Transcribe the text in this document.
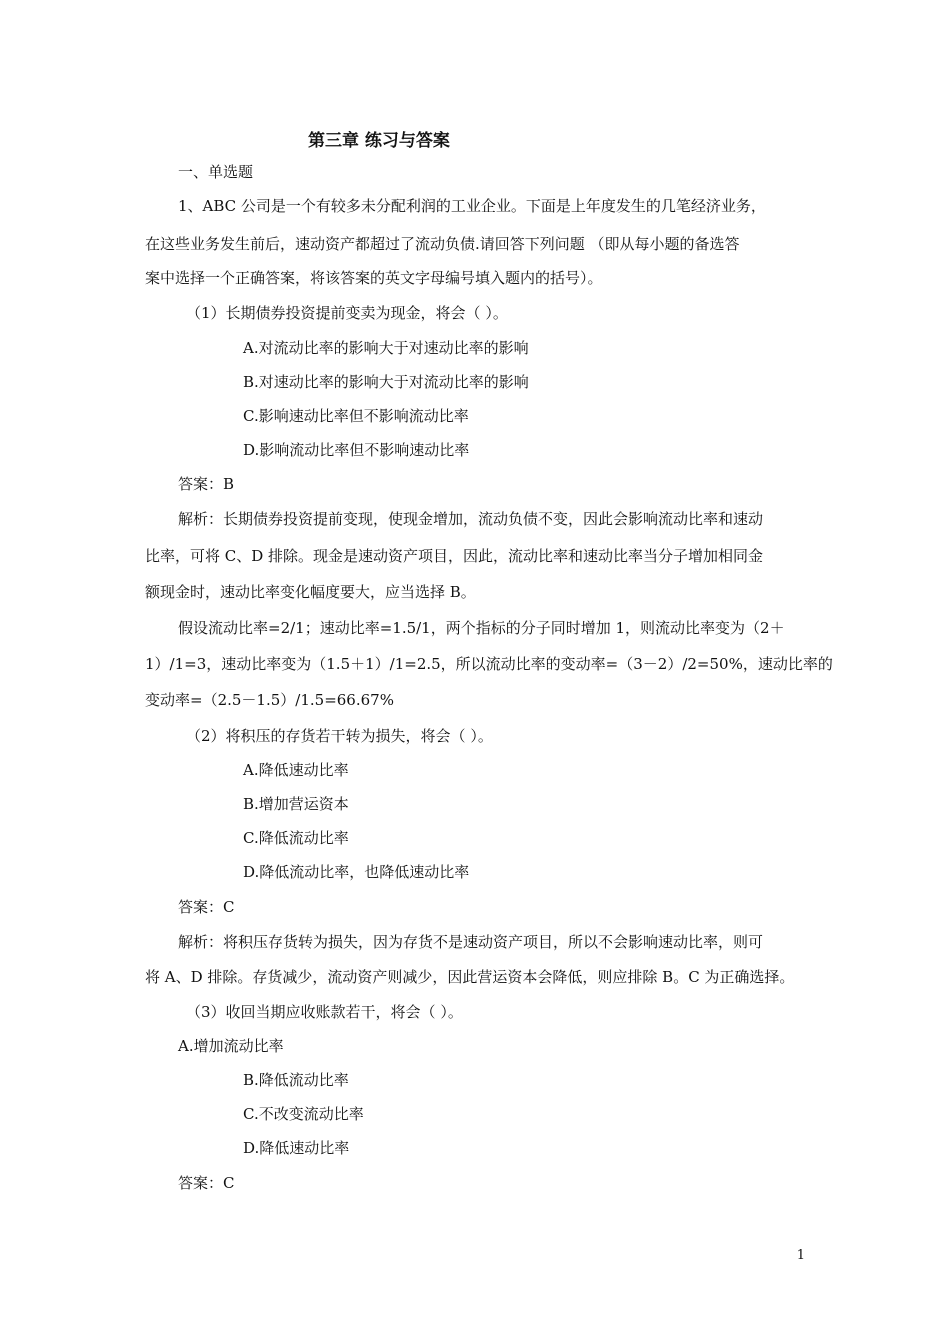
第三章 练习与答案
一、单选题
1、ABC 公司是一个有较多未分配利润的工业企业。下面是上年度发生的几笔经济业务，
在这些业务发生前后，速动资产都超过了流动负债.请回答下列问题 （即从每小题的备选答
案中选择一个正确答案，将该答案的英文字母编号填入题内的括号）。
（1）长期债券投资提前变卖为现金，将会（ ）。
A.对流动比率的影响大于对速动比率的影响
B.对速动比率的影响大于对流动比率的影响
C.影响速动比率但不影响流动比率
D.影响流动比率但不影响速动比率
答案：B
解析：长期债券投资提前变现，使现金增加，流动负债不变，因此会影响流动比率和速动
比率，可将 C、D 排除。现金是速动资产项目，因此，流动比率和速动比率当分子增加相同金
额现金时，速动比率变化幅度要大，应当选择 B。
假设流动比率=2/1；速动比率=1.5/1，两个指标的分子同时增加 1，则流动比率变为（2＋
1）/1=3，速动比率变为（1.5＋1）/1=2.5，所以流动比率的变动率=（3－2）/2=50%，速动比率的
变动率=（2.5－1.5）/1.5=66.67%
（2）将积压的存货若干转为损失，将会（ ）。
A.降低速动比率
B.增加营运资本
C.降低流动比率
D.降低流动比率，也降低速动比率
答案：C
解析：将积压存货转为损失，因为存货不是速动资产项目，所以不会影响速动比率，则可
将 A、D 排除。存货减少，流动资产则减少，因此营运资本会降低，则应排除 B。C 为正确选择。
（3）收回当期应收账款若干，将会（ ）。
A.增加流动比率
B.降低流动比率
C.不改变流动比率
D.降低速动比率
答案：C
1
